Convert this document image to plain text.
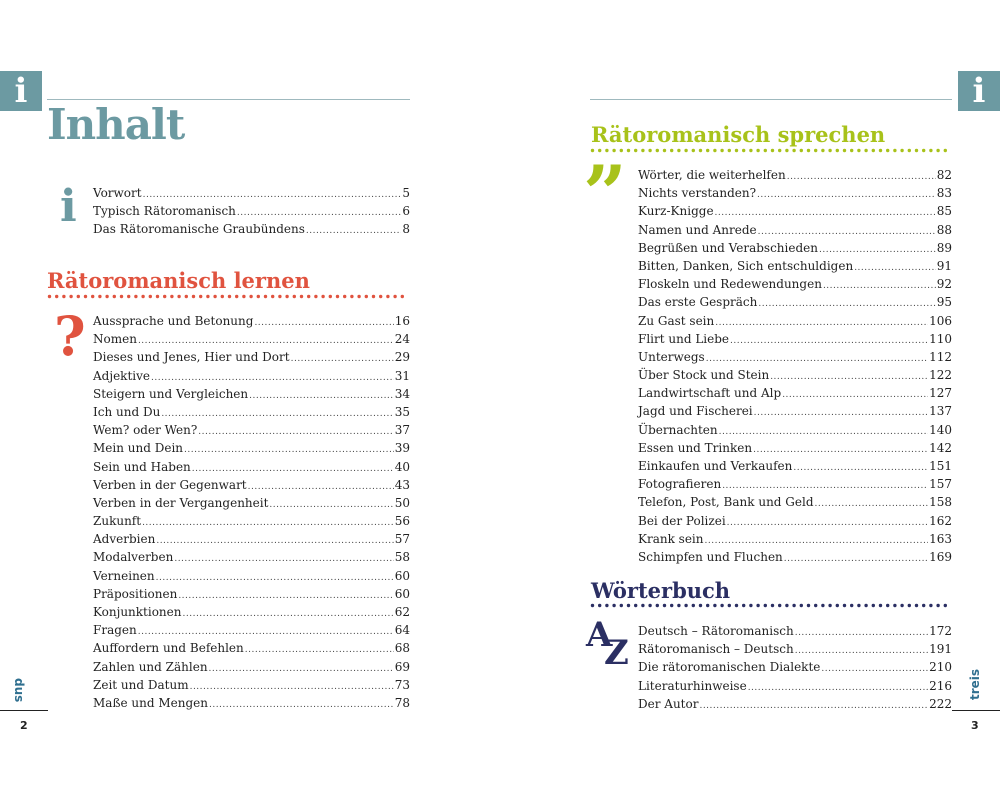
i
Inhalt
i Vorwort .....	5
Typisch Rätoromanisch .....	6
Das Rätoromanische Graubündens .....	8
Rätoromanisch lernen
? Aussprache und Betonung .....	16
Nomen .....	24
Dieses und Jenes, Hier und Dort .....	29
Adjektive .....	31
Steigern und Vergleichen .....	34
Ich und Du .....	35
Wem? oder Wen? .....	37
Mein und Dein .....	39
Sein und Haben .....	40
Verben in der Gegenwart .....	43
Verben in der Vergangenheit .....	50
Zukunft .....	56
Adverbien .....	57
Modalverben .....	58
Verneinen .....	60
Präpositionen .....	60
Konjunktionen .....	62
Fragen .....	64
Auffordern und Befehlen .....	68
Zahlen und Zählen .....	69
Zeit und Datum .....	73
Maße und Mengen .....	78
2
dus
i
Rätoromanisch sprechen
” Wörter, die weiterhelfen .....	82
Nichts verstanden? .....	83
Kurz-Knigge .....	85
Namen und Anrede .....	88
Begrüßen und Verabschieden .....	89
Bitten, Danken, Sich entschuldigen .....	91
Floskeln und Redewendungen .....	92
Das erste Gespräch .....	95
Zu Gast sein .....	106
Flirt und Liebe .....	110
Unterwegs .....	112
Über Stock und Stein .....	122
Landwirtschaft und Alp .....	127
Jagd und Fischerei .....	137
Übernachten .....	140
Essen und Trinken .....	142
Einkaufen und Verkaufen .....	151
Fotografieren .....	157
Telefon, Post, Bank und Geld .....	158
Bei der Polizei .....	162
Krank sein .....	163
Schimpfen und Fluchen .....	169
Wörterbuch
A
Z
Deutsch – Rätoromanisch .....	172
Rätoromanisch – Deutsch .....	191
Die rätoromanischen Dialekte .....	210
Literaturhinweise .....	216
Der Autor .....	222
3
treis
